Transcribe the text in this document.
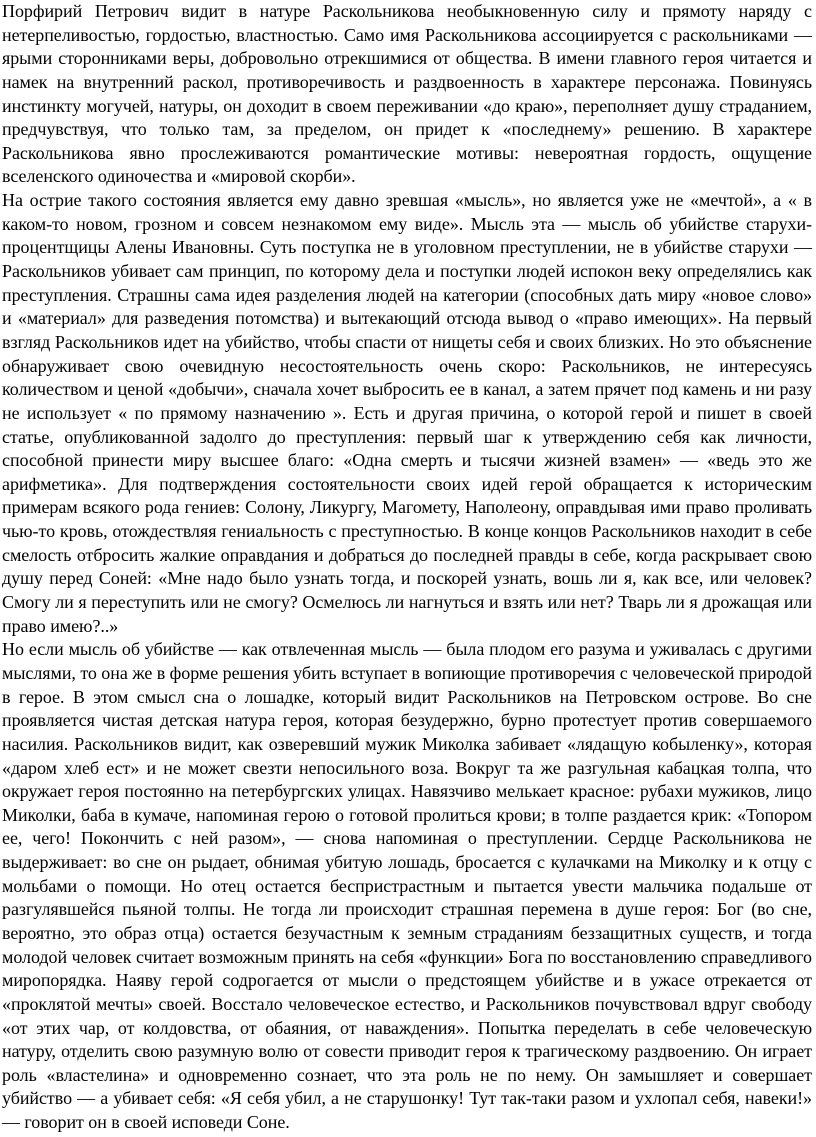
Порфирий Петрович видит в натуре Раскольникова необыкновенную силу и прямоту наряду с нетерпеливостью, гордостью, властностью. Само имя Раскольникова ассоциируется с раскольниками — ярыми сторонниками веры, добровольно отрекшимися от общества. В имени главного героя читается и намек на внутренний раскол, противоречивость и раздвоенность в характере персонажа. Повинуясь инстинкту могучей, натуры, он доходит в своем переживании «до краю», переполняет душу страданием, предчувствуя, что только там, за пределом, он придет к «последнему» решению. В характере Раскольникова явно прослеживаются романтические мотивы: невероятная гордость, ощущение вселенского одиночества и «мировой скорби».

На острие такого состояния является ему давно зревшая «мысль», но является уже не «мечтой», а « в каком-то новом, грозном и совсем незнакомом ему виде». Мысль эта — мысль об убийстве старухи-процентщицы Алены Ивановны. Суть поступка не в уголовном преступлении, не в убийстве старухи — Раскольников убивает сам принцип, по которому дела и поступки людей испокон веку определялись как преступления. Страшны сама идея разделения людей на категории (способных дать миру «новое слово» и «материал» для разведения потомства) и вытекающий отсюда вывод о «право имеющих». На первый взгляд Раскольников идет на убийство, чтобы спасти от нищеты себя и своих близких. Но это объяснение обнаруживает свою очевидную несостоятельность очень скоро: Раскольников, не интересуясь количеством и ценой «добычи», сначала хочет выбросить ее в канал, а затем прячет под камень и ни разу не использует « по прямому назначению ». Есть и другая причина, о которой герой и пишет в своей статье, опубликованной задолго до преступления: первый шаг к утверждению себя как личности, способной принести миру высшее благо: «Одна смерть и тысячи жизней взамен» — «ведь это же арифметика». Для подтверждения состоятельности своих идей герой обращается к историческим примерам всякого рода гениев: Солону, Ликургу, Магомету, Наполеону, оправдывая ими право проливать чью-то кровь, отождествляя гениальность с преступностью. В конце концов Раскольников находит в себе смелость отбросить жалкие оправдания и добраться до последней правды в себе, когда раскрывает свою душу перед Соней: «Мне надо было узнать тогда, и поскорей узнать, вошь ли я, как все, или человек? Смогу ли я переступить или не смогу? Осмелюсь ли нагнуться и взять или нет? Тварь ли я дрожащая или право имею?..»

Но если мысль об убийстве — как отвлеченная мысль — была плодом его разума и уживалась с другими мыслями, то она же в форме решения убить вступает в вопиющие противоречия с человеческой природой в герое. В этом смысл сна о лошадке, который видит Раскольников на Петровском острове. Во сне проявляется чистая детская натура героя, которая безудержно, бурно протестует против совершаемого насилия. Раскольников видит, как озверевший мужик Миколка забивает «лядащую кобыленку», которая «даром хлеб ест» и не может свезти непосильного воза. Вокруг та же разгульная кабацкая толпа, что окружает героя постоянно на петербургских улицах. Навязчиво мелькает красное: рубахи мужиков, лицо Миколки, баба в кумаче, напоминая герою о готовой пролиться крови; в толпе раздается крик: «Топором ее, чего! Покончить с ней разом», — снова напоминая о преступлении. Сердце Раскольникова не выдерживает: во сне он рыдает, обнимая убитую лошадь, бросается с кулачками на Миколку и к отцу с мольбами о помощи. Но отец остается беспристрастным и пытается увести мальчика подальше от разгулявшейся пьяной толпы. Не тогда ли происходит страшная перемена в душе героя: Бог (во сне, вероятно, это образ отца) остается безучастным к земным страданиям беззащитных существ, и тогда молодой человек считает возможным принять на себя «функции» Бога по восстановлению справедливого миропорядка. Наяву герой содрогается от мысли о предстоящем убийстве и в ужасе отрекается от «проклятой мечты» своей. Восстало человеческое естество, и Раскольников почувствовал вдруг свободу «от этих чар, от колдовства, от обаяния, от наваждения». Попытка переделать в себе человеческую натуру, отделить свою разумную волю от совести приводит героя к трагическому раздвоению. Он играет роль «властелина» и одновременно сознает, что эта роль не по нему. Он замышляет и совершает убийство — а убивает себя: «Я себя убил, а не старушонку! Тут так-таки разом и ухлопал себя, навеки!» — говорит он в своей исповеди Соне.
